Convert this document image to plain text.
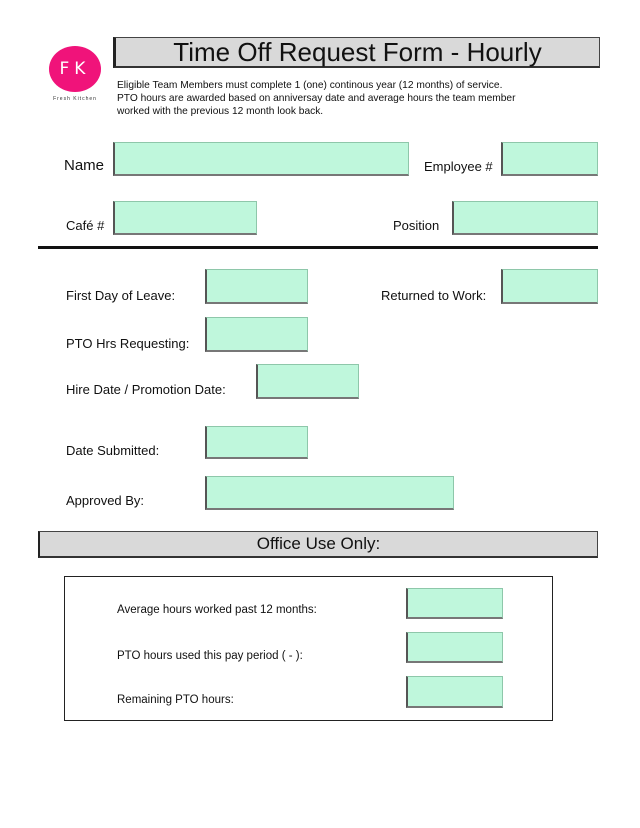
FK
Fresh Kitchen
Time Off Request Form - Hourly
Eligible Team Members must complete 1 (one) continous year (12 months) of service.
PTO hours are awarded based on anniversay date and average hours the team member
worked with the previous 12 month look back.
Name	Employee #
Café #	Position
First Day of Leave:	Returned to Work:
PTO Hrs Requesting:
Hire Date / Promotion Date:
Date Submitted:
Approved By:
Office Use Only:
Average hours worked past 12 months:
PTO hours used this pay period ( - ):
Remaining PTO hours:
